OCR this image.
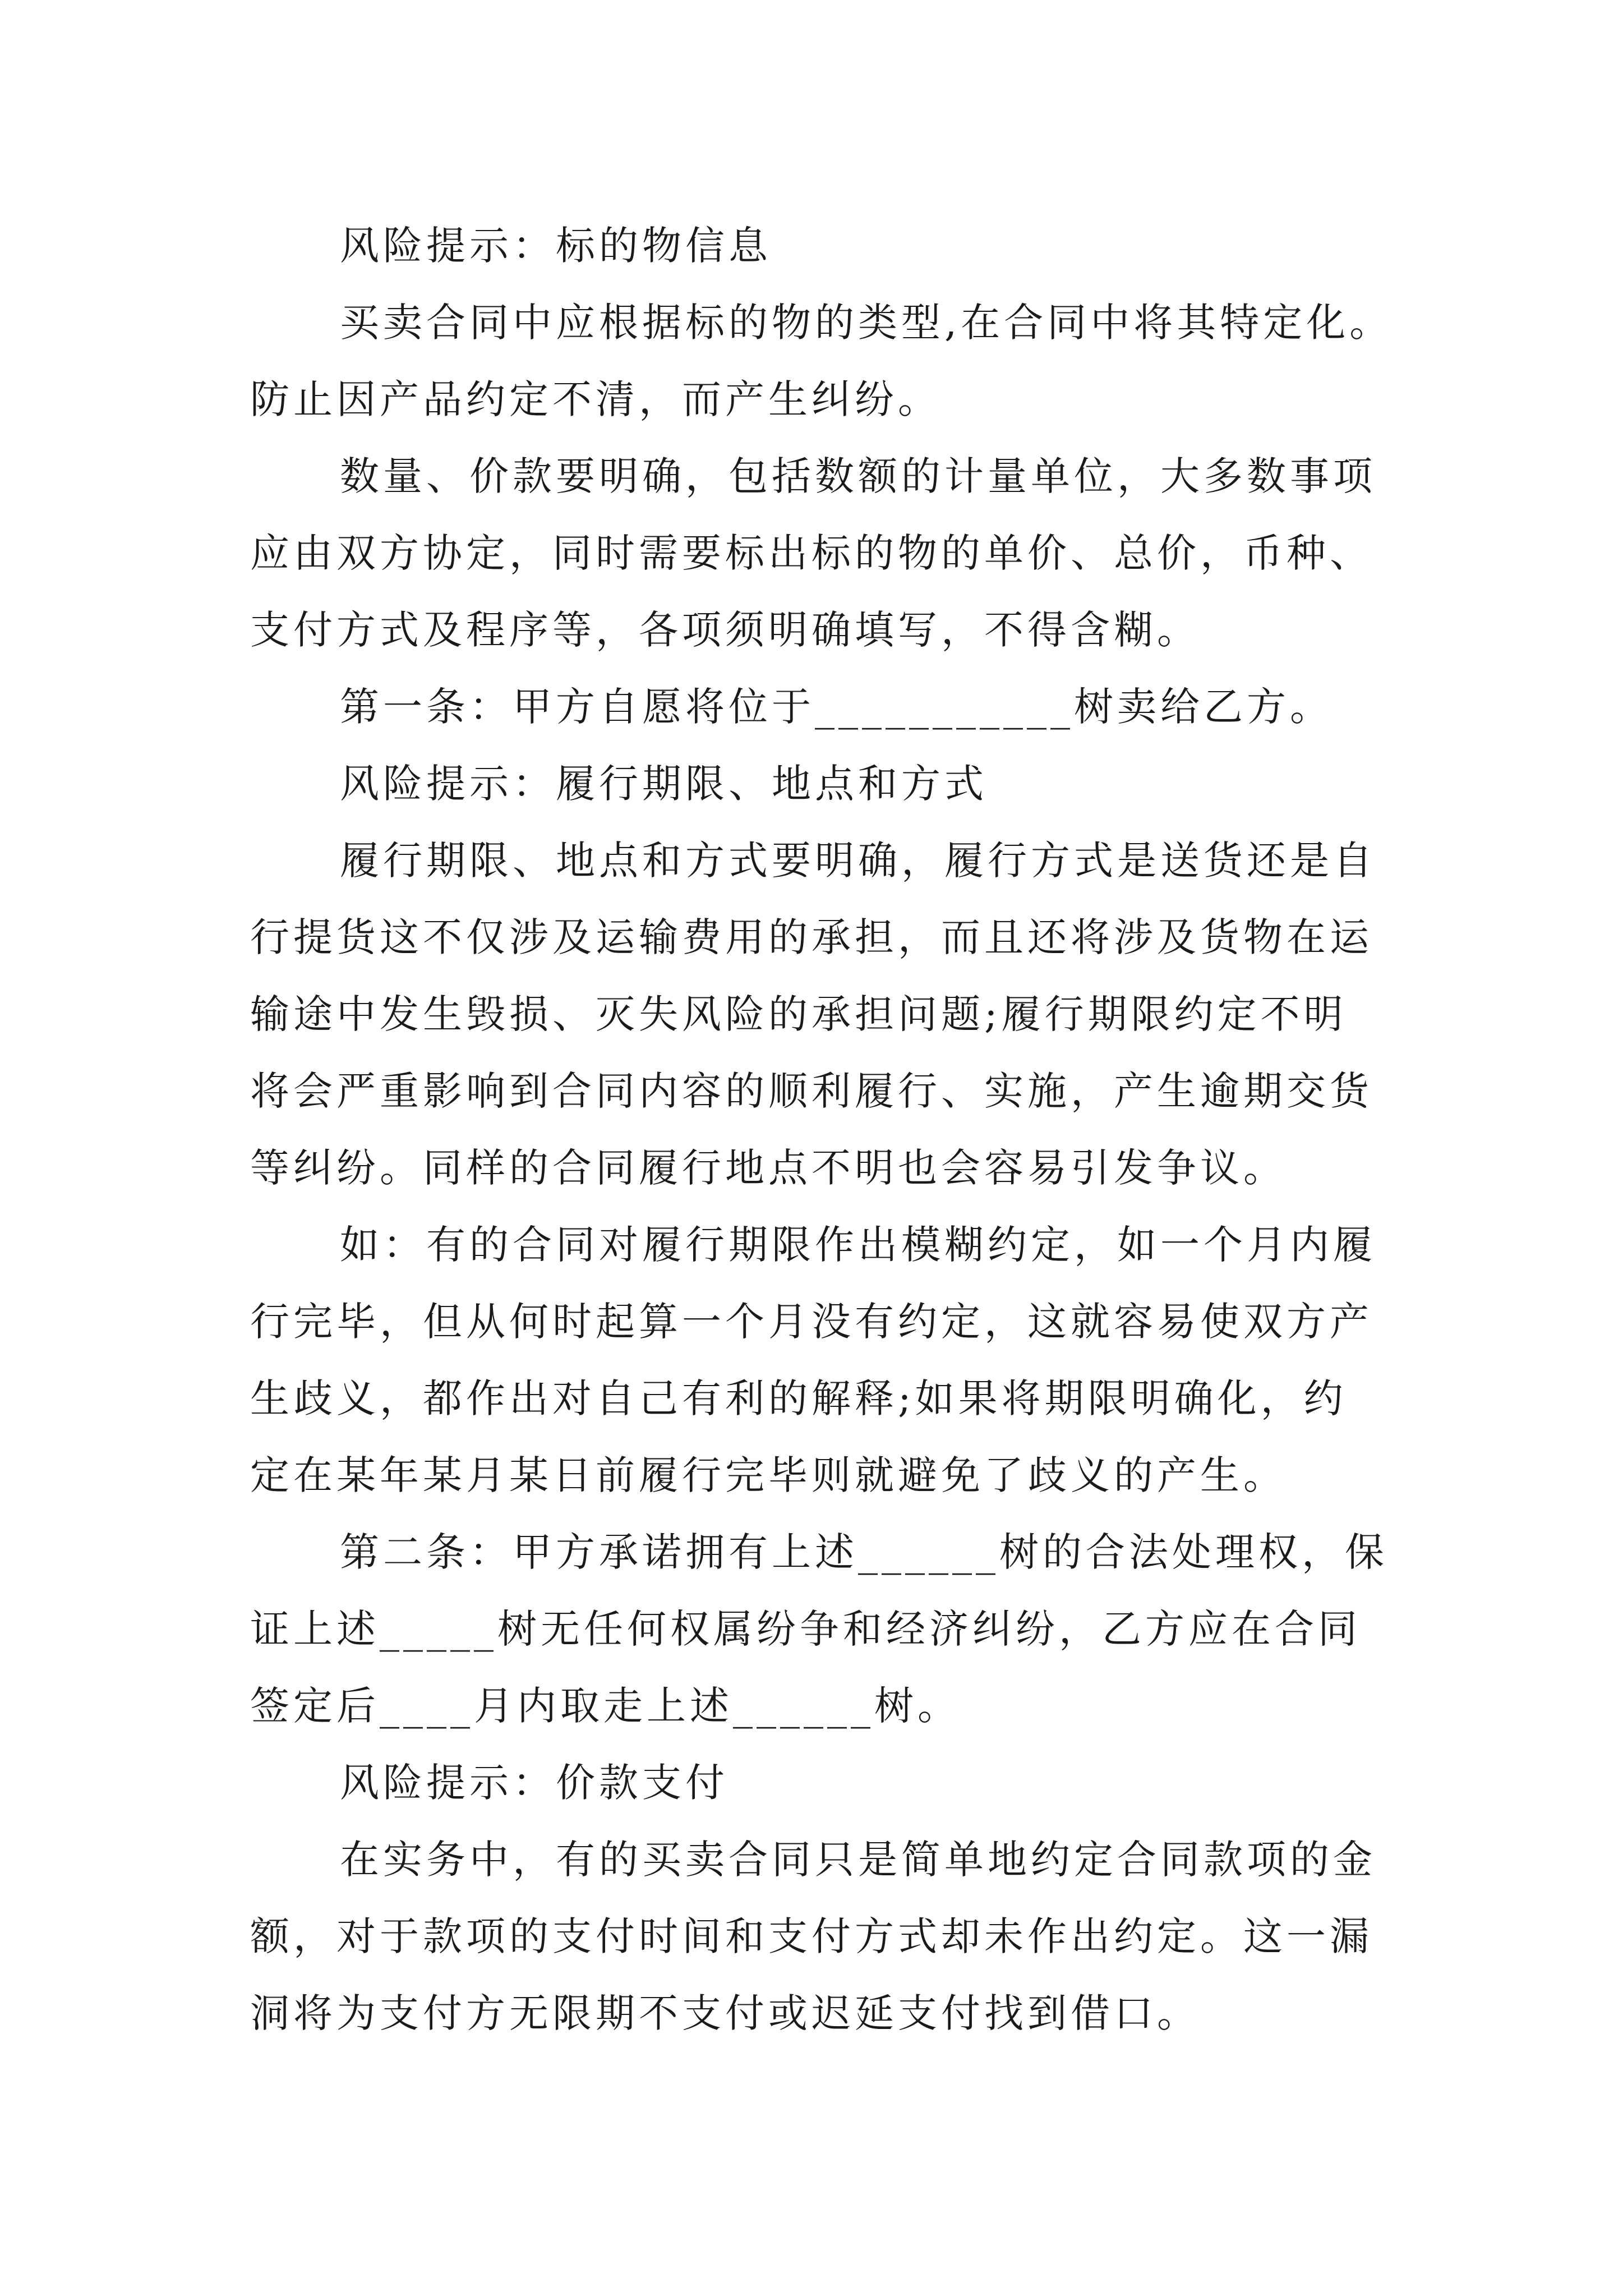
风险提示：标的物信息
买卖合同中应根据标的物的类型,在合同中将其特定化。
防止因产品约定不清，而产生纠纷。
数量、价款要明确，包括数额的计量单位，大多数事项
应由双方协定，同时需要标出标的物的单价、总价，币种、
支付方式及程序等，各项须明确填写，不得含糊。
第一条：甲方自愿将位于___________树卖给乙方。
风险提示：履行期限、地点和方式
履行期限、地点和方式要明确，履行方式是送货还是自
行提货这不仅涉及运输费用的承担，而且还将涉及货物在运
输途中发生毁损、灭失风险的承担问题;履行期限约定不明
将会严重影响到合同内容的顺利履行、实施，产生逾期交货
等纠纷。同样的合同履行地点不明也会容易引发争议。
如：有的合同对履行期限作出模糊约定，如一个月内履
行完毕，但从何时起算一个月没有约定，这就容易使双方产
生歧义，都作出对自己有利的解释;如果将期限明确化，约
定在某年某月某日前履行完毕则就避免了歧义的产生。
第二条：甲方承诺拥有上述______树的合法处理权，保
证上述_____树无任何权属纷争和经济纠纷，乙方应在合同
签定后____月内取走上述______树。
风险提示：价款支付
在实务中，有的买卖合同只是简单地约定合同款项的金
额，对于款项的支付时间和支付方式却未作出约定。这一漏
洞将为支付方无限期不支付或迟延支付找到借口。
